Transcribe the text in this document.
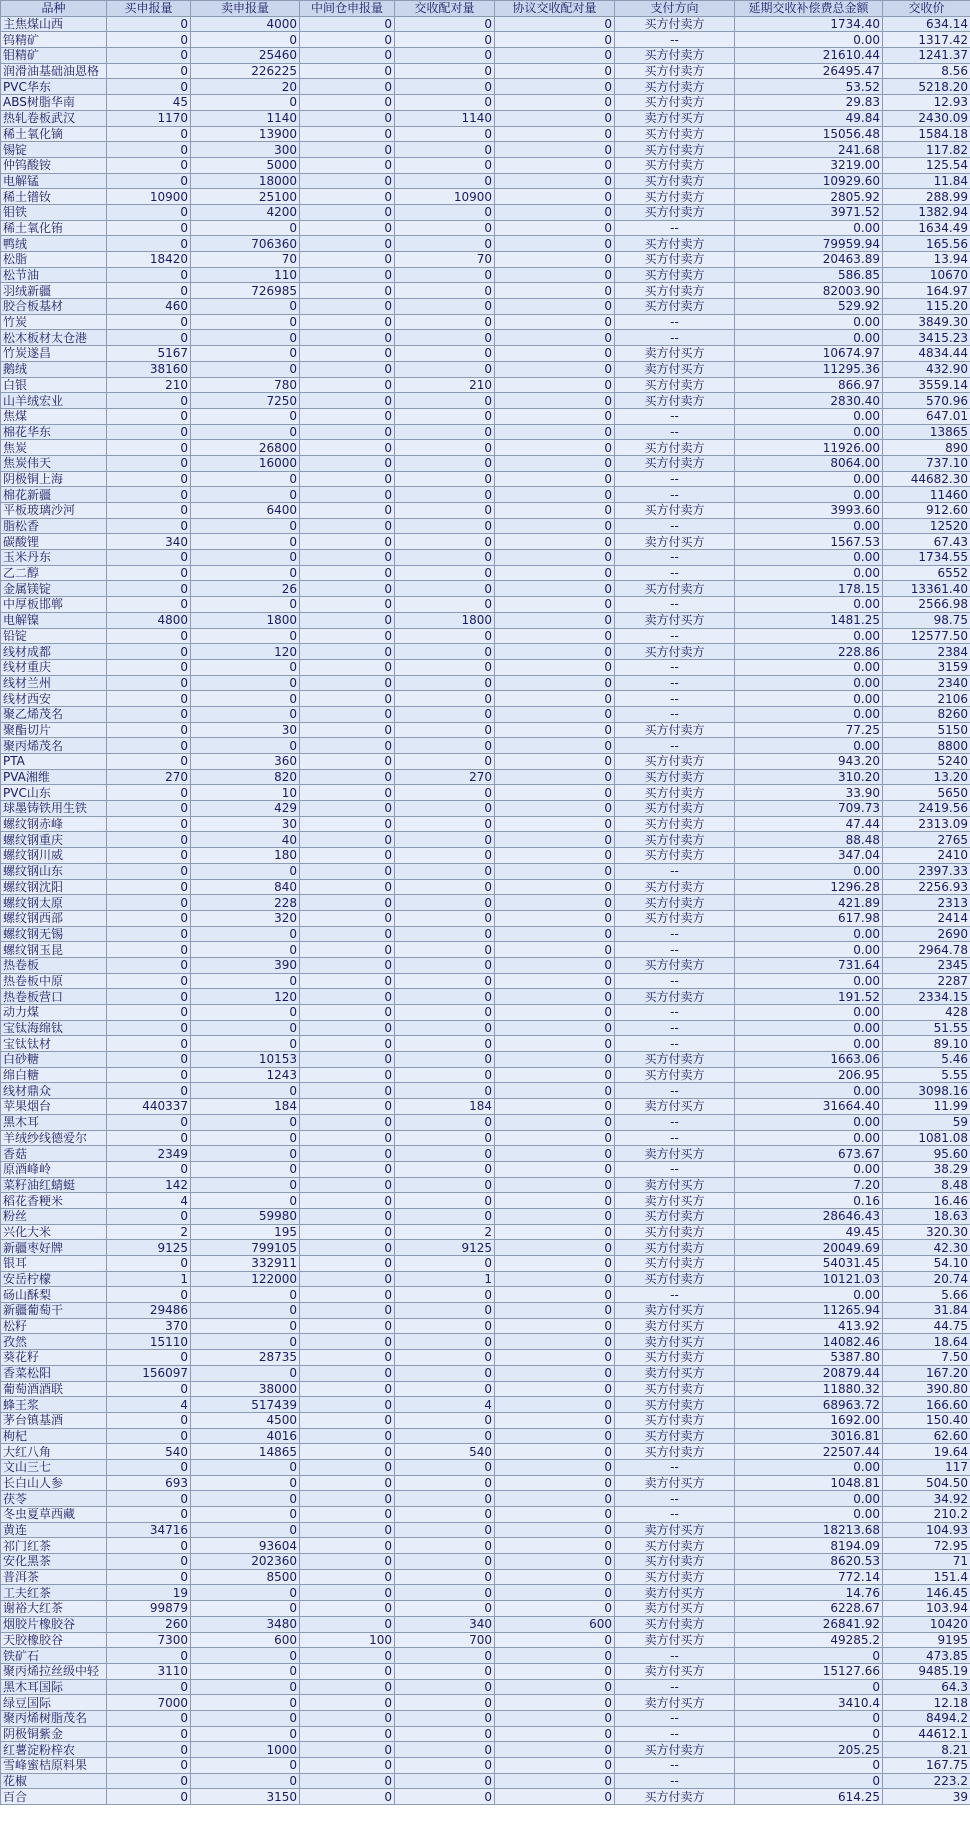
品种	买申报量	卖申报量	中间仓申报量	交收配对量	协议交收配对量	支付方向	延期交收补偿费总金额	交收价
主焦煤山西	0	4000	0	0	0	买方付卖方	1734.40	634.14
钨精矿	0	0	0	0	0	--	0.00	1317.42
钼精矿	0	25460	0	0	0	买方付卖方	21610.44	1241.37
润滑油基础油恩格	0	226225	0	0	0	买方付卖方	26495.47	8.56
PVC华东	0	20	0	0	0	买方付卖方	53.52	5218.20
ABS树脂华南	45	0	0	0	0	买方付卖方	29.83	12.93
热轧卷板武汉	1170	1140	0	1140	0	卖方付买方	49.84	2430.09
稀土氧化镝	0	13900	0	0	0	买方付卖方	15056.48	1584.18
锡锭	0	300	0	0	0	买方付卖方	241.68	117.82
仲钨酸铵	0	5000	0	0	0	买方付卖方	3219.00	125.54
电解锰	0	18000	0	0	0	买方付卖方	10929.60	11.84
稀土镨钕	10900	25100	0	10900	0	买方付卖方	2805.92	288.99
钼铁	0	4200	0	0	0	买方付卖方	3971.52	1382.94
稀土氧化铕	0	0	0	0	0	--	0.00	1634.49
鸭绒	0	706360	0	0	0	买方付卖方	79959.94	165.56
松脂	18420	70	0	70	0	买方付卖方	20463.89	13.94
松节油	0	110	0	0	0	买方付卖方	586.85	10670
羽绒新疆	0	726985	0	0	0	买方付卖方	82003.90	164.97
胶合板基材	460	0	0	0	0	买方付卖方	529.92	115.20
竹炭	0	0	0	0	0	--	0.00	3849.30
松木板材太仓港	0	0	0	0	0	--	0.00	3415.23
竹炭遂昌	5167	0	0	0	0	卖方付买方	10674.97	4834.44
鹅绒	38160	0	0	0	0	卖方付买方	11295.36	432.90
白银	210	780	0	210	0	买方付卖方	866.97	3559.14
山羊绒宏业	0	7250	0	0	0	买方付卖方	2830.40	570.96
焦煤	0	0	0	0	0	--	0.00	647.01
棉花华东	0	0	0	0	0	--	0.00	13865
焦炭	0	26800	0	0	0	买方付卖方	11926.00	890
焦炭伟天	0	16000	0	0	0	买方付卖方	8064.00	737.10
阴极铜上海	0	0	0	0	0	--	0.00	44682.30
棉花新疆	0	0	0	0	0	--	0.00	11460
平板玻璃沙河	0	6400	0	0	0	买方付卖方	3993.60	912.60
脂松香	0	0	0	0	0	--	0.00	12520
碳酸锂	340	0	0	0	0	卖方付买方	1567.53	67.43
玉米丹东	0	0	0	0	0	--	0.00	1734.55
乙二醇	0	0	0	0	0	--	0.00	6552
金属镁锭	0	26	0	0	0	买方付卖方	178.15	13361.40
中厚板邯郸	0	0	0	0	0	--	0.00	2566.98
电解镍	4800	1800	0	1800	0	卖方付买方	1481.25	98.75
铅锭	0	0	0	0	0	--	0.00	12577.50
线材成都	0	120	0	0	0	买方付卖方	228.86	2384
线材重庆	0	0	0	0	0	--	0.00	3159
线材兰州	0	0	0	0	0	--	0.00	2340
线材西安	0	0	0	0	0	--	0.00	2106
聚乙烯茂名	0	0	0	0	0	--	0.00	8260
聚酯切片	0	30	0	0	0	买方付卖方	77.25	5150
聚丙烯茂名	0	0	0	0	0	--	0.00	8800
PTA	0	360	0	0	0	买方付卖方	943.20	5240
PVA湘维	270	820	0	270	0	买方付卖方	310.20	13.20
PVC山东	0	10	0	0	0	买方付卖方	33.90	5650
球墨铸铁用生铁	0	429	0	0	0	买方付卖方	709.73	2419.56
螺纹钢赤峰	0	30	0	0	0	买方付卖方	47.44	2313.09
螺纹钢重庆	0	40	0	0	0	买方付卖方	88.48	2765
螺纹钢川威	0	180	0	0	0	买方付卖方	347.04	2410
螺纹钢山东	0	0	0	0	0	--	0.00	2397.33
螺纹钢沈阳	0	840	0	0	0	买方付卖方	1296.28	2256.93
螺纹钢太原	0	228	0	0	0	买方付卖方	421.89	2313
螺纹钢西部	0	320	0	0	0	买方付卖方	617.98	2414
螺纹钢无锡	0	0	0	0	0	--	0.00	2690
螺纹钢玉昆	0	0	0	0	0	--	0.00	2964.78
热卷板	0	390	0	0	0	买方付卖方	731.64	2345
热卷板中原	0	0	0	0	0	--	0.00	2287
热卷板营口	0	120	0	0	0	买方付卖方	191.52	2334.15
动力煤	0	0	0	0	0	--	0.00	428
宝钛海绵钛	0	0	0	0	0	--	0.00	51.55
宝钛钛材	0	0	0	0	0	--	0.00	89.10
白砂糖	0	10153	0	0	0	买方付卖方	1663.06	5.46
绵白糖	0	1243	0	0	0	买方付卖方	206.95	5.55
线材鼎众	0	0	0	0	0	--	0.00	3098.16
苹果烟台	440337	184	0	184	0	卖方付买方	31664.40	11.99
黑木耳	0	0	0	0	0	--	0.00	59
羊绒纱线德爱尔	0	0	0	0	0	--	0.00	1081.08
香菇	2349	0	0	0	0	卖方付买方	673.67	95.60
原酒峰岭	0	0	0	0	0	--	0.00	38.29
菜籽油红蜻蜓	142	0	0	0	0	卖方付买方	7.20	8.48
稻花香粳米	4	0	0	0	0	卖方付买方	0.16	16.46
粉丝	0	59980	0	0	0	买方付卖方	28646.43	18.63
兴化大米	2	195	0	2	0	买方付卖方	49.45	320.30
新疆枣好牌	9125	799105	0	9125	0	买方付卖方	20049.69	42.30
银耳	0	332911	0	0	0	买方付卖方	54031.45	54.10
安岳柠檬	1	122000	0	1	0	买方付卖方	10121.03	20.74
砀山酥梨	0	0	0	0	0	--	0.00	5.66
新疆葡萄干	29486	0	0	0	0	卖方付买方	11265.94	31.84
松籽	370	0	0	0	0	卖方付买方	413.92	44.75
孜然	15110	0	0	0	0	卖方付买方	14082.46	18.64
葵花籽	0	28735	0	0	0	买方付卖方	5387.80	7.50
香菜松阳	156097	0	0	0	0	卖方付买方	20879.44	167.20
葡萄酒酒联	0	38000	0	0	0	买方付卖方	11880.32	390.80
蜂王浆	4	517439	0	4	0	买方付卖方	68963.72	166.60
茅台镇基酒	0	4500	0	0	0	买方付卖方	1692.00	150.40
枸杞	0	4016	0	0	0	买方付卖方	3016.81	62.60
大红八角	540	14865	0	540	0	买方付卖方	22507.44	19.64
文山三七	0	0	0	0	0	--	0.00	117
长白山人参	693	0	0	0	0	卖方付买方	1048.81	504.50
茯苓	0	0	0	0	0	--	0.00	34.92
冬虫夏草西藏	0	0	0	0	0	--	0.00	210.2
黄连	34716	0	0	0	0	卖方付买方	18213.68	104.93
祁门红茶	0	93604	0	0	0	买方付卖方	8194.09	72.95
安化黑茶	0	202360	0	0	0	买方付卖方	8620.53	71
普洱茶	0	8500	0	0	0	买方付卖方	772.14	151.4
工夫红茶	19	0	0	0	0	卖方付买方	14.76	146.45
谢裕大红茶	99879	0	0	0	0	卖方付买方	6228.67	103.94
烟胶片橡胶谷	260	3480	0	340	600	买方付卖方	26841.92	10420
天胶橡胶谷	7300	600	100	700	0	卖方付买方	49285.2	9195
铁矿石	0	0	0	0	0	--	0	473.85
聚丙烯拉丝级中轻	3110	0	0	0	0	卖方付买方	15127.66	9485.19
黑木耳国际	0	0	0	0	0	--	0	64.3
绿豆国际	7000	0	0	0	0	卖方付买方	3410.4	12.18
聚丙烯树脂茂名	0	0	0	0	0	--	0	8494.2
阴极铜紫金	0	0	0	0	0	--	0	44612.1
红薯淀粉梓农	0	1000	0	0	0	买方付卖方	205.25	8.21
雪峰蜜桔原料果	0	0	0	0	0	--	0	167.75
花椒	0	0	0	0	0	--	0	223.2
百合	0	3150	0	0	0	买方付卖方	614.25	39
